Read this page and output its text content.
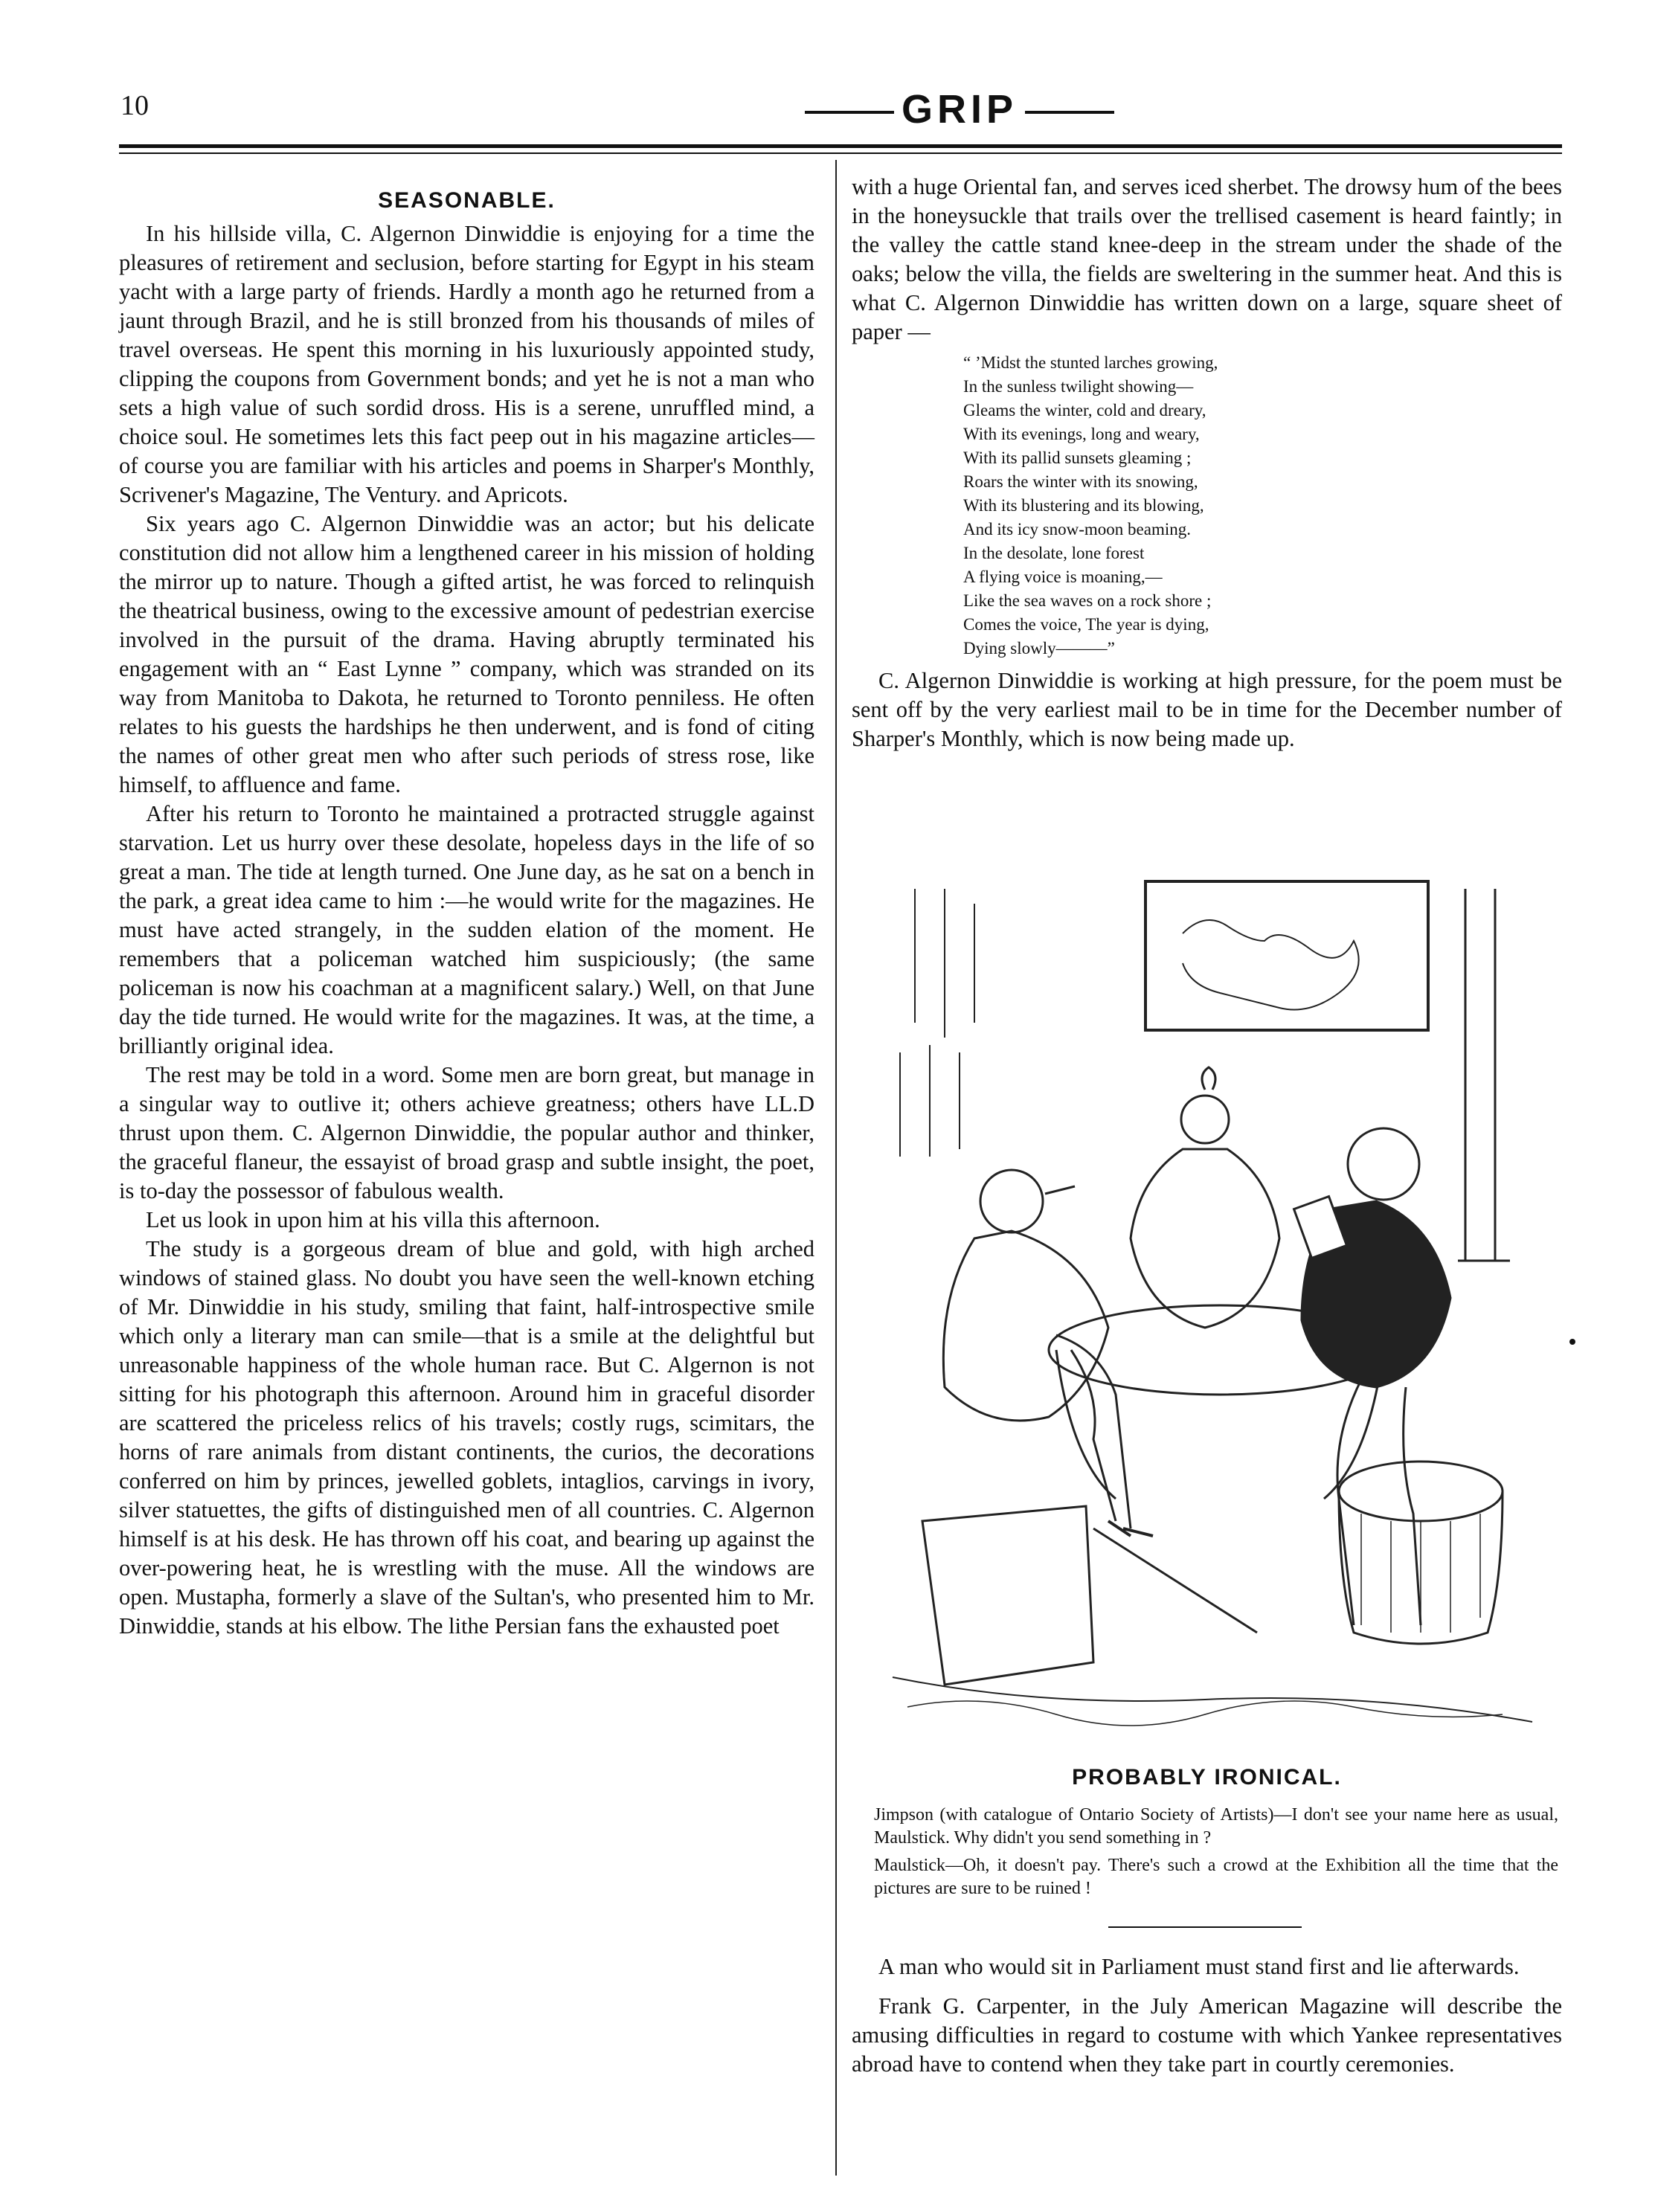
10	GRIP
SEASONABLE.

In his hillside villa, C. Algernon Dinwiddie is enjoying for a time the pleasures of retirement and seclusion, before starting for Egypt in his steam yacht with a large party of friends. Hardly a month ago he returned from a jaunt through Brazil, and he is still bronzed from his thousands of miles of travel overseas. He spent this morning in his luxuriously appointed study, clipping the coupons from Government bonds; and yet he is not a man who sets a high value of such sordid dross. His is a serene, unruffled mind, a choice soul. He sometimes lets this fact peep out in his magazine articles—of course you are familiar with his articles and poems in Sharper's Monthly, Scrivener's Magazine, The Ventury. and Apricots.

Six years ago C. Algernon Dinwiddie was an actor; but his delicate constitution did not allow him a lengthened career in his mission of holding the mirror up to nature. Though a gifted artist, he was forced to relinquish the theatrical business, owing to the excessive amount of pedestrian exercise involved in the pursuit of the drama. Having abruptly terminated his engagement with an “ East Lynne ” company, which was stranded on its way from Manitoba to Dakota, he returned to Toronto penniless. He often relates to his guests the hardships he then underwent, and is fond of citing the names of other great men who after such periods of stress rose, like himself, to affluence and fame.

After his return to Toronto he maintained a protracted struggle against starvation. Let us hurry over these desolate, hopeless days in the life of so great a man. The tide at length turned. One June day, as he sat on a bench in the park, a great idea came to him :—he would write for the magazines. He must have acted strangely, in the sudden elation of the moment. He remembers that a policeman watched him suspiciously; (the same policeman is now his coachman at a magnificent salary.) Well, on that June day the tide turned. He would write for the magazines. It was, at the time, a brilliantly original idea.

The rest may be told in a word. Some men are born great, but manage in a singular way to outlive it; others achieve greatness; others have LL.D thrust upon them. C. Algernon Dinwiddie, the popular author and thinker, the graceful flaneur, the essayist of broad grasp and subtle insight, the poet, is to-day the possessor of fabulous wealth.

Let us look in upon him at his villa this afternoon.

The study is a gorgeous dream of blue and gold, with high arched windows of stained glass. No doubt you have seen the well-known etching of Mr. Dinwiddie in his study, smiling that faint, half-introspective smile which only a literary man can smile—that is a smile at the delightful but unreasonable happiness of the whole human race. But C. Algernon is not sitting for his photograph this afternoon. Around him in graceful disorder are scattered the priceless relics of his travels; costly rugs, scimitars, the horns of rare animals from distant continents, the curios, the decorations conferred on him by princes, jewelled goblets, intaglios, carvings in ivory, silver statuettes, the gifts of distinguished men of all countries. C. Algernon himself is at his desk. He has thrown off his coat, and bearing up against the over-powering heat, he is wrestling with the muse. All the windows are open. Mustapha, formerly a slave of the Sultan's, who presented him to Mr. Dinwiddie, stands at his elbow. The lithe Persian fans the exhausted poet

with a huge Oriental fan, and serves iced sherbet. The drowsy hum of the bees in the honeysuckle that trails over the trellised casement is heard faintly; in the valley the cattle stand knee-deep in the stream under the shade of the oaks; below the villa, the fields are sweltering in the summer heat. And this is what C. Algernon Dinwiddie has written down on a large, square sheet of paper —

“ ’Midst the stunted larches growing,
In the sunless twilight showing—
Gleams the winter, cold and dreary,
With its evenings, long and weary,
With its pallid sunsets gleaming ;
Roars the winter with its snowing,
With its blustering and its blowing,
And its icy snow-moon beaming.
In the desolate, lone forest
A flying voice is moaning,—
Like the sea waves on a rock shore ;
Comes the voice, The year is dying,
Dying slowly———”

C. Algernon Dinwiddie is working at high pressure, for the poem must be sent off by the very earliest mail to be in time for the December number of Sharper's Monthly, which is now being made up.

PROBABLY IRONICAL.

Jimpson (with catalogue of Ontario Society of Artists)—I don't see your name here as usual, Maulstick. Why didn't you send something in ?

Maulstick—Oh, it doesn't pay. There's such a crowd at the Exhibition all the time that the pictures are sure to be ruined !

A man who would sit in Parliament must stand first and lie afterwards.

Frank G. Carpenter, in the July American Magazine will describe the amusing difficulties in regard to costume with which Yankee representatives abroad have to contend when they take part in courtly ceremonies.
